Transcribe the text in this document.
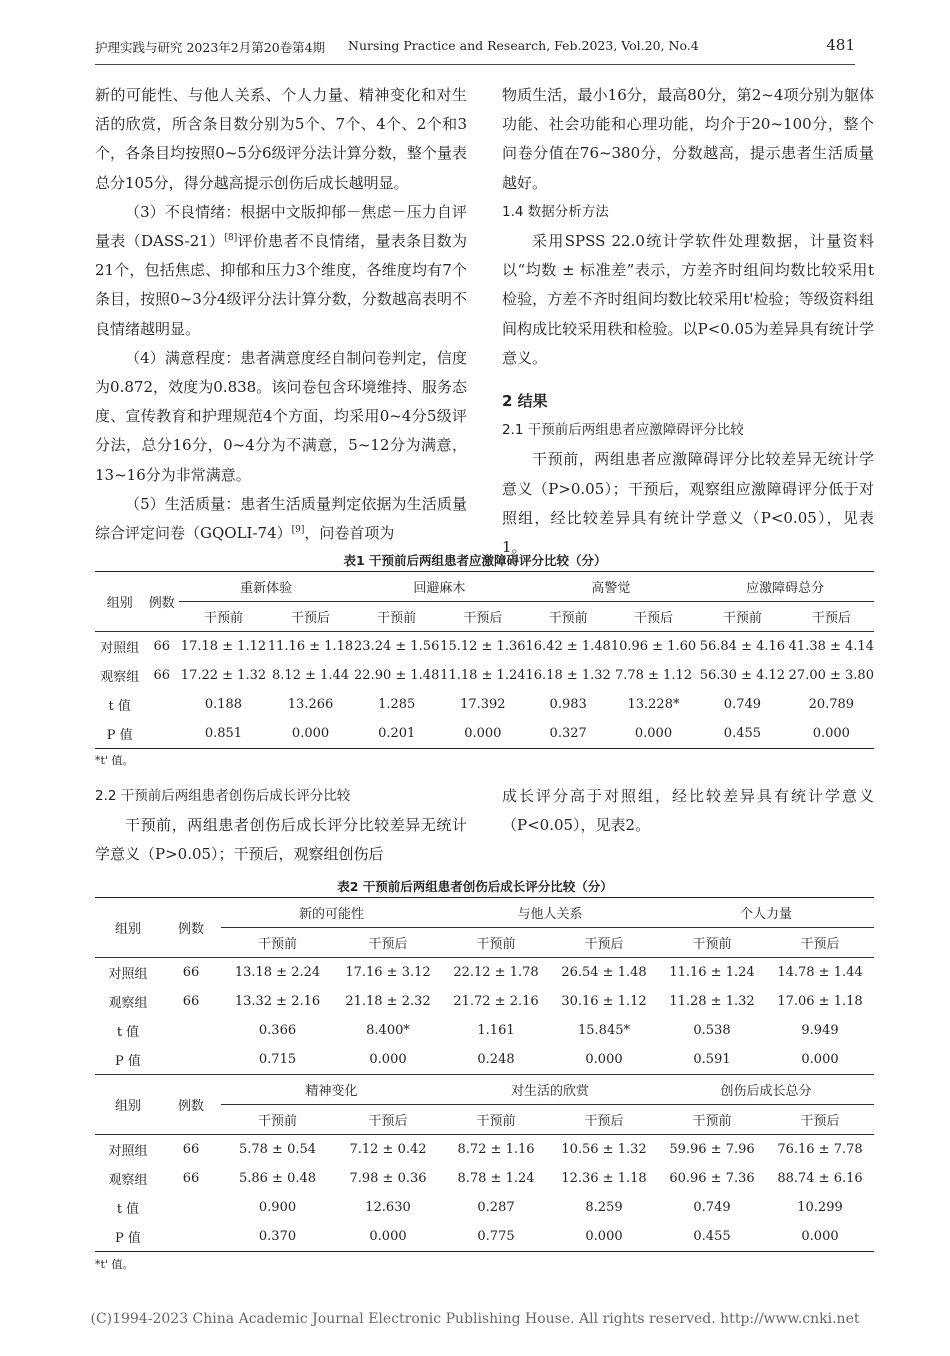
护理实践与研究 2023年2月第20卷第4期 Nursing Practice and Research, Feb.2023, Vol.20, No.4	481

新的可能性、与他人关系、个人力量、精神变化和对生活的欣赏，所含条目数分别为5个、7个、4个、2个和3个，各条目均按照0~5分6级评分法计算分数，整个量表总分105分，得分越高提示创伤后成长越明显。

（3）不良情绪：根据中文版抑郁－焦虑－压力自评量表（DASS-21）[8]评价患者不良情绪，量表条目数为21个，包括焦虑、抑郁和压力3个维度，各维度均有7个条目，按照0~3分4级评分法计算分数，分数越高表明不良情绪越明显。

（4）满意程度：患者满意度经自制问卷判定，信度为0.872，效度为0.838。该问卷包含环境维持、服务态度、宣传教育和护理规范4个方面，均采用0~4分5级评分法，总分16分，0~4分为不满意，5~12分为满意，13~16分为非常满意。

（5）生活质量：患者生活质量判定依据为生活质量综合评定问卷（GQOLI-74）[9]，问卷首项为

物质生活，最小16分，最高80分，第2~4项分别为躯体功能、社会功能和心理功能，均介于20~100分，整个问卷分值在76~380分，分数越高，提示患者生活质量越好。

1.4 数据分析方法

采用SPSS 22.0统计学软件处理数据，计量资料以“均数 ± 标准差”表示，方差齐时组间均数比较采用t检验，方差不齐时组间均数比较采用t'检验；等级资料组间构成比较采用秩和检验。以P<0.05为差异具有统计学意义。

2 结果

2.1 干预前后两组患者应激障碍评分比较

干预前，两组患者应激障碍评分比较差异无统计学意义（P>0.05）；干预后，观察组应激障碍评分低于对照组，经比较差异具有统计学意义（P<0.05），见表1。

表1 干预前后两组患者应激障碍评分比较（分）
组别	例数	重新体验		回避麻木		高警觉		应激障碍总分	
		干预前	干预后	干预前	干预后	干预前	干预后	干预前	干预后
对照组	66	17.18 ± 1.12	11.16 ± 1.18	23.24 ± 1.56	15.12 ± 1.36	16.42 ± 1.48	10.96 ± 1.60	56.84 ± 4.16	41.38 ± 4.14
观察组	66	17.22 ± 1.32	8.12 ± 1.44	22.90 ± 1.48	11.18 ± 1.24	16.18 ± 1.32	7.78 ± 1.12	56.30 ± 4.12	27.00 ± 3.80
t 值		0.188	13.266	1.285	17.392	0.983	13.228*	0.749	20.789
P 值		0.851	0.000	0.201	0.000	0.327	0.000	0.455	0.000
*t' 值。

2.2 干预前后两组患者创伤后成长评分比较

干预前，两组患者创伤后成长评分比较差异无统计学意义（P>0.05）；干预后，观察组创伤后

成长评分高于对照组，经比较差异具有统计学意义（P<0.05），见表2。

表2 干预前后两组患者创伤后成长评分比较（分）
组别	例数	新的可能性		与他人关系		个人力量	
		干预前	干预后	干预前	干预后	干预前	干预后
对照组	66	13.18 ± 2.24	17.16 ± 3.12	22.12 ± 1.78	26.54 ± 1.48	11.16 ± 1.24	14.78 ± 1.44
观察组	66	13.32 ± 2.16	21.18 ± 2.32	21.72 ± 2.16	30.16 ± 1.12	11.28 ± 1.32	17.06 ± 1.18
t 值		0.366	8.400*	1.161	15.845*	0.538	9.949
P 值		0.715	0.000	0.248	0.000	0.591	0.000
组别	例数	精神变化		对生活的欣赏		创伤后成长总分	
		干预前	干预后	干预前	干预后	干预前	干预后
对照组	66	5.78 ± 0.54	7.12 ± 0.42	8.72 ± 1.16	10.56 ± 1.32	59.96 ± 7.96	76.16 ± 7.78
观察组	66	5.86 ± 0.48	7.98 ± 0.36	8.78 ± 1.24	12.36 ± 1.18	60.96 ± 7.36	88.74 ± 6.16
t 值		0.900	12.630	0.287	8.259	0.749	10.299
P 值		0.370	0.000	0.775	0.000	0.455	0.000
*t' 值。
(C)1994-2023 China Academic Journal Electronic Publishing House. All rights reserved. http://www.cnki.net
